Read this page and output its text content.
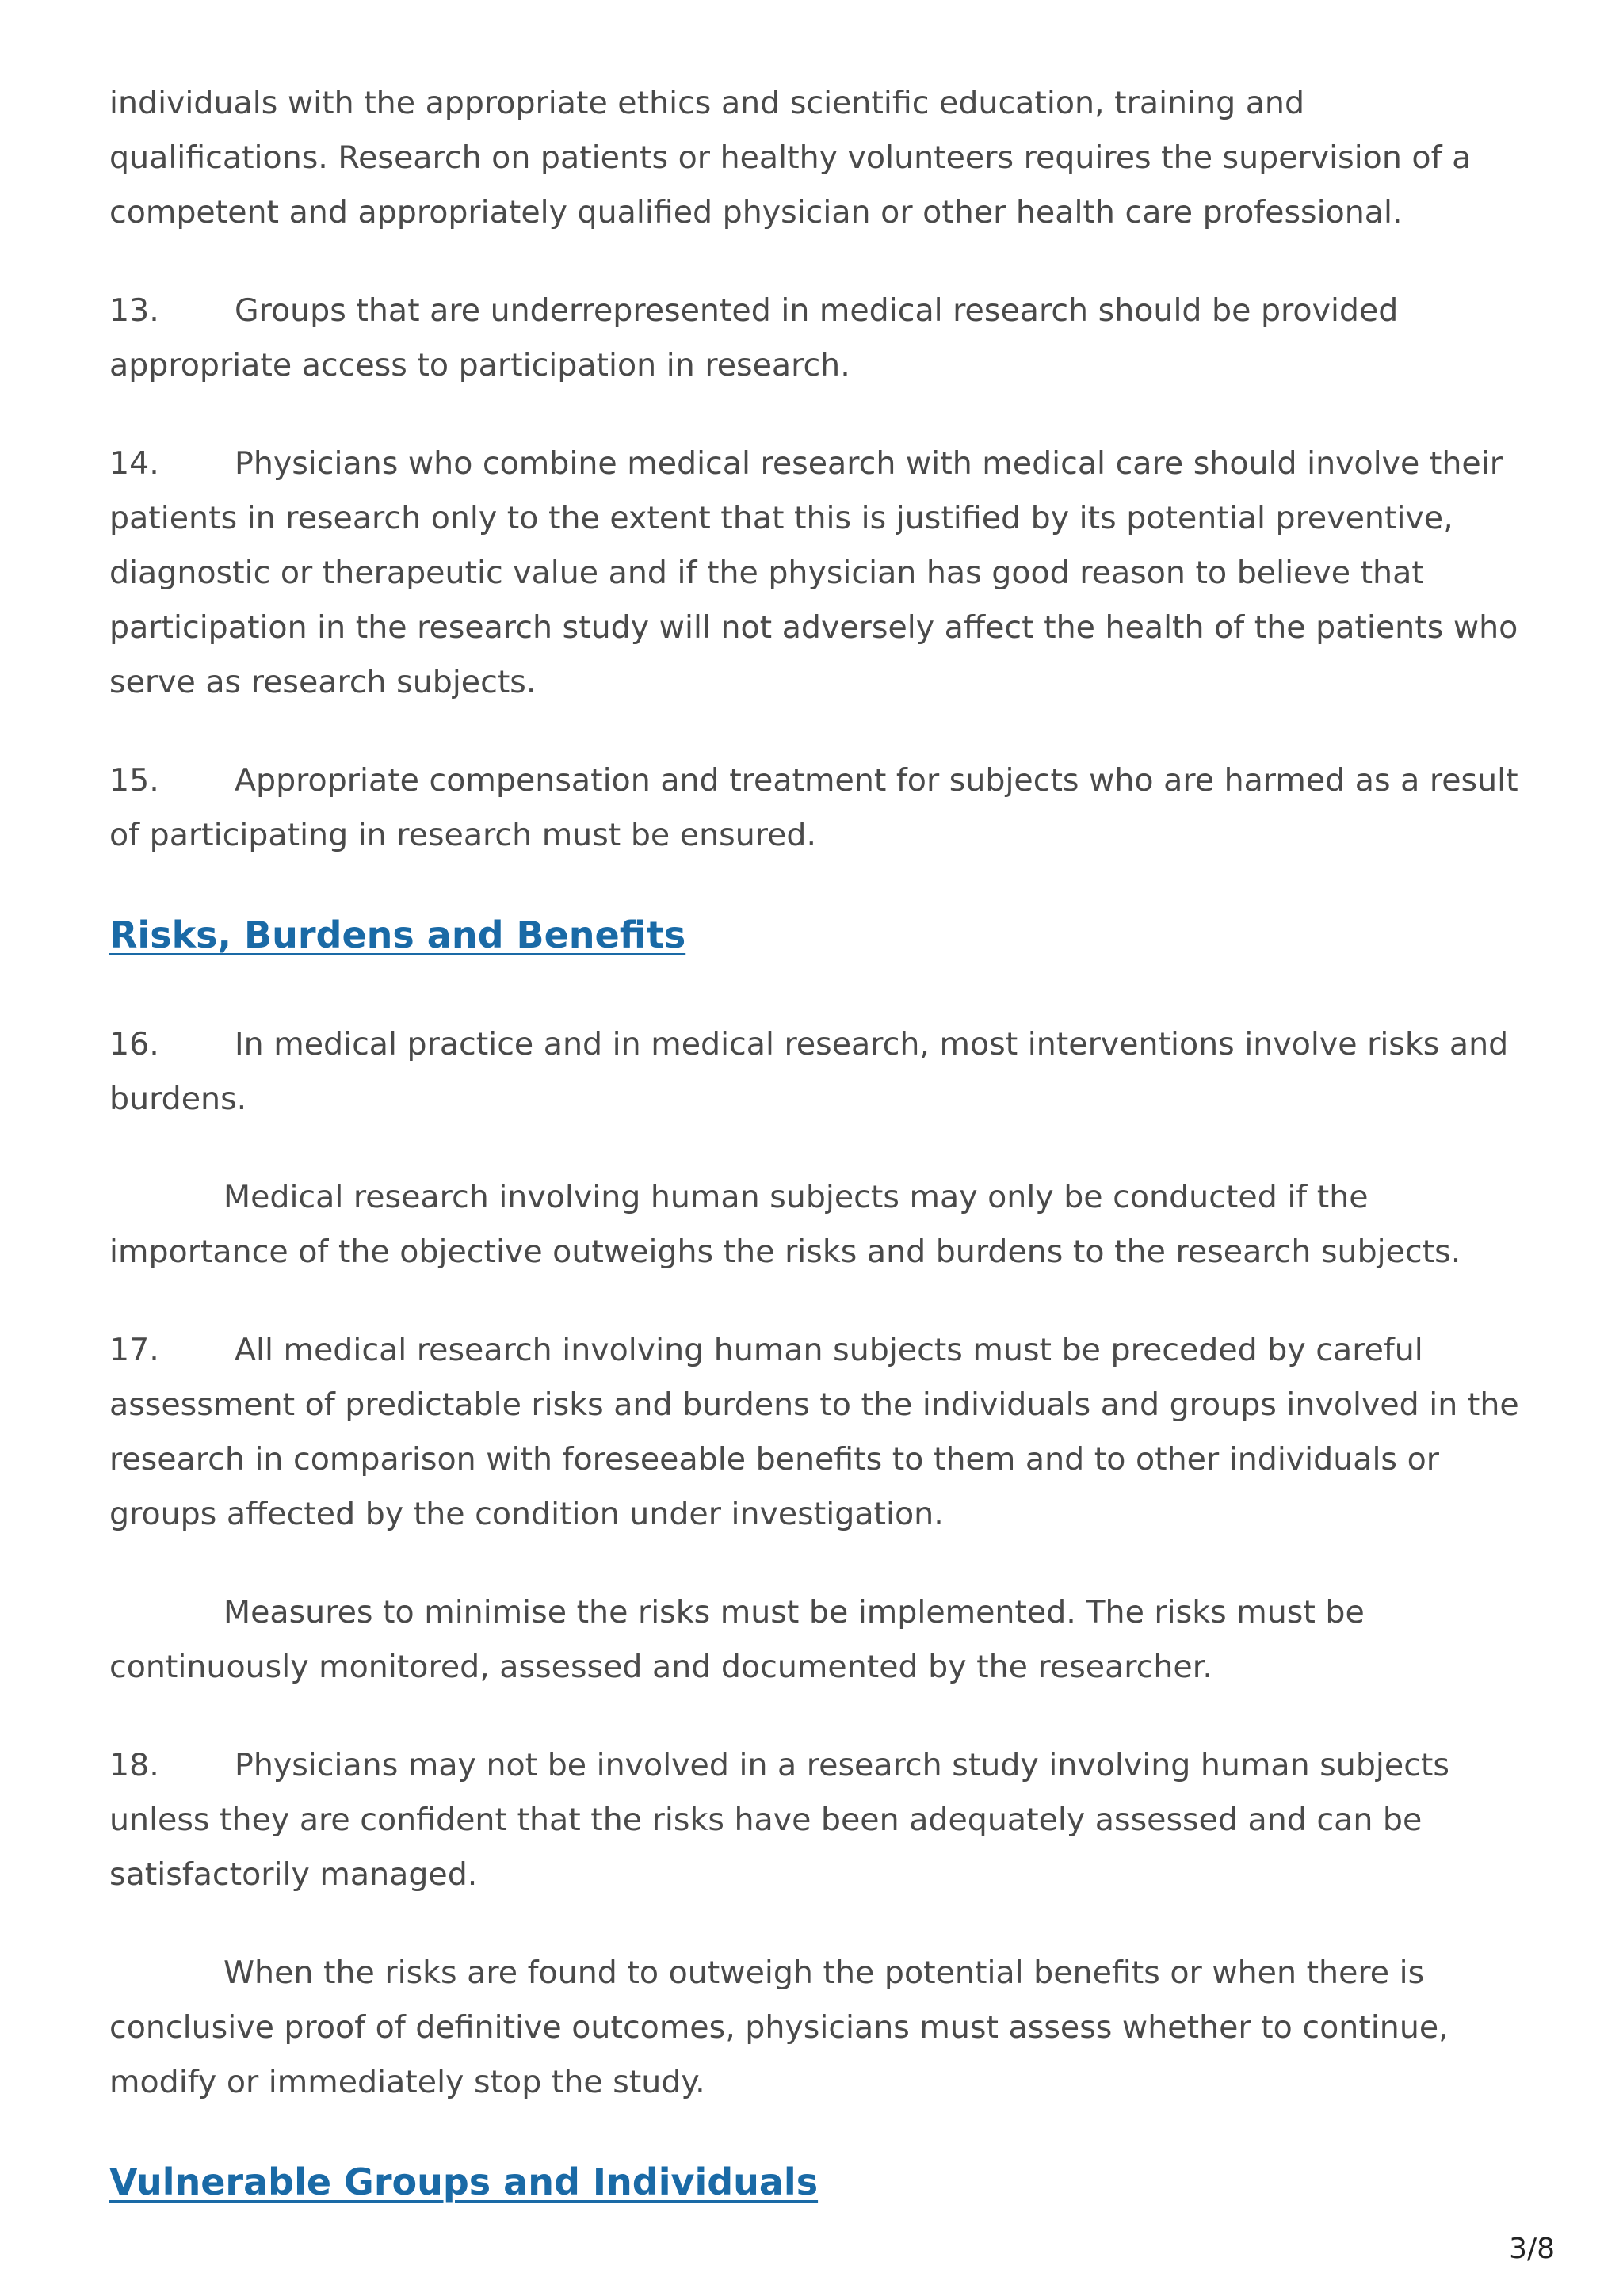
individuals with the appropriate ethics and scientific education, training and qualifications. Research on patients or healthy volunteers requires the supervision of a competent and appropriately qualified physician or other health care professional.

13. Groups that are underrepresented in medical research should be provided appropriate access to participation in research.

14. Physicians who combine medical research with medical care should involve their patients in research only to the extent that this is justified by its potential preventive, diagnostic or therapeutic value and if the physician has good reason to believe that participation in the research study will not adversely affect the health of the patients who serve as research subjects.

15. Appropriate compensation and treatment for subjects who are harmed as a result of participating in research must be ensured.

Risks, Burdens and Benefits

16. In medical practice and in medical research, most interventions involve risks and burdens.

Medical research involving human subjects may only be conducted if the importance of the objective outweighs the risks and burdens to the research subjects.

17. All medical research involving human subjects must be preceded by careful assessment of predictable risks and burdens to the individuals and groups involved in the research in comparison with foreseeable benefits to them and to other individuals or groups affected by the condition under investigation.

Measures to minimise the risks must be implemented. The risks must be continuously monitored, assessed and documented by the researcher.

18. Physicians may not be involved in a research study involving human subjects unless they are confident that the risks have been adequately assessed and can be satisfactorily managed.

When the risks are found to outweigh the potential benefits or when there is conclusive proof of definitive outcomes, physicians must assess whether to continue, modify or immediately stop the study.

Vulnerable Groups and Individuals
3/8
